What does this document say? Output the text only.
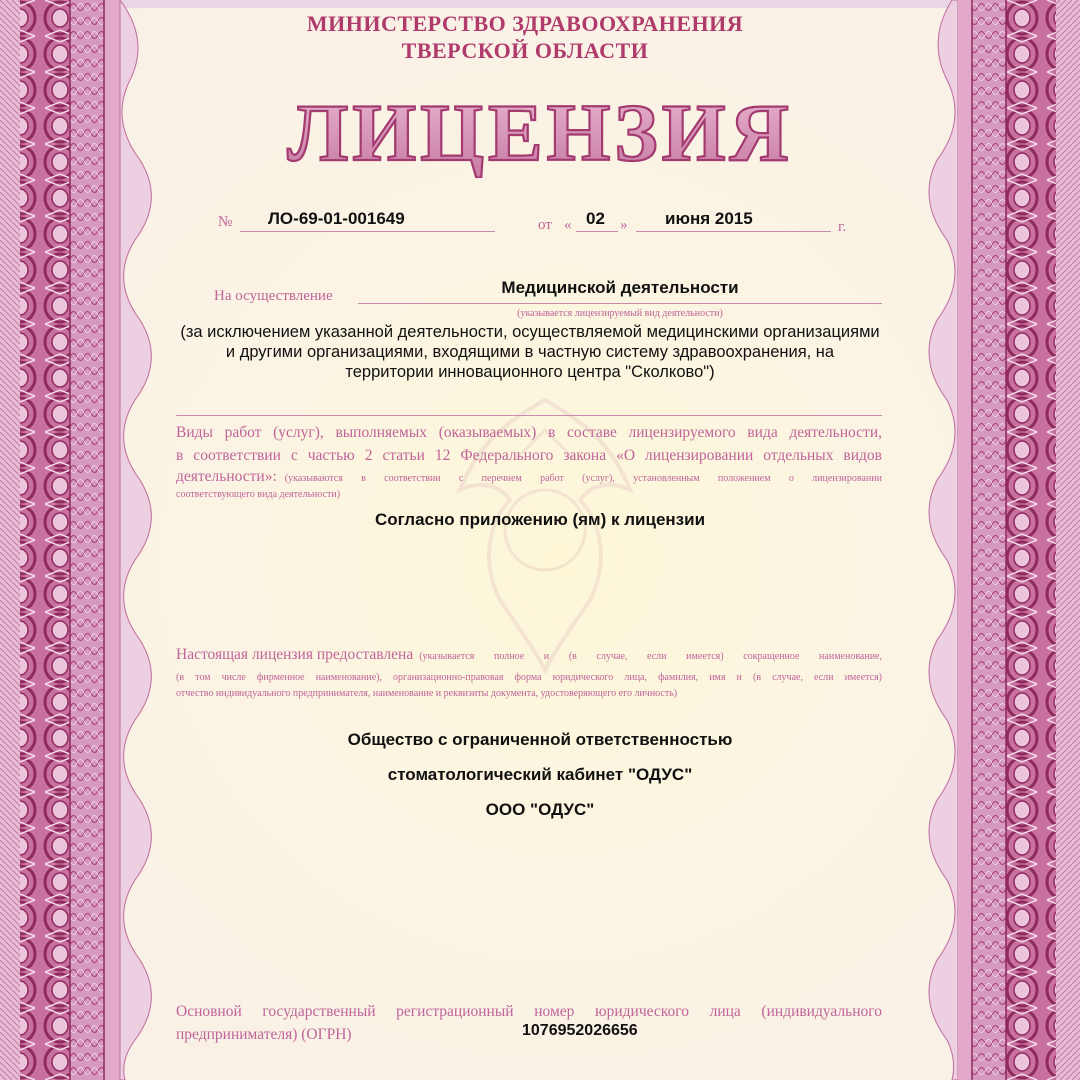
МИНИСТЕРСТВО ЗДРАВООХРАНЕНИЯ
ТВЕРСКОЙ ОБЛАСТИ
ЛИЦЕНЗИЯ
№ ЛО-69-01-001649	от « 02 » июня 2015	г.
На осуществление	Медицинской деятельности
(указывается лицензируемый вид деятельности)
(за исключением указанной деятельности, осуществляемой медицинскими организациями
и другими организациями, входящими в частную систему здравоохранения, на
территории инновационного центра "Сколково")
Виды работ (услуг), выполняемых (оказываемых) в составе лицензируемого вида деятельности,
в соответствии с частью 2 статьи 12 Федерального закона «О лицензировании отдельных видов
деятельности»: (указываются в соответствии с перечнем работ (услуг), установленным положением о лицензировании
соответствующего вида деятельности)
Согласно приложению (ям) к лицензии
Настоящая лицензия предоставлена (указывается полное и (в случае, если имеется) сокращенное наименование,
(в том числе фирменное наименование), организационно-правовая форма юридического лица, фамилия, имя и (в случае, если имеется)
отчество индивидуального предпринимателя, наименование и реквизиты документа, удостоверяющего его личность)
Общество с ограниченной ответственностью
стоматологический кабинет "ОДУС"
ООО "ОДУС"
Основной государственный регистрационный номер юридического лица (индивидуального
предпринимателя) (ОГРН)	1076952026656
